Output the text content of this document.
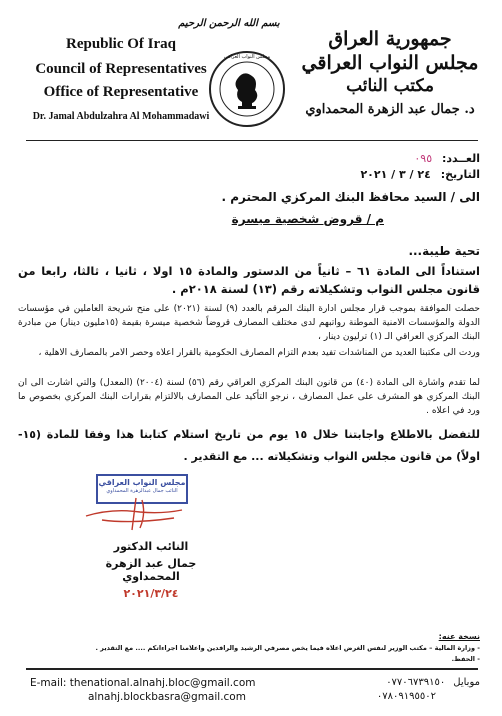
Republic Of Iraq
Council of Representatives
Office of Representative
Dr. Jamal Abdulzahra Al Mohammadawi
مجلس النواب العراقي
بسم الله الرحمن الرحيم
جمهورية العراق
مجلس النواب العراقي
مكتب النائب
د. جمال عبد الزهرة المحمداوي
العــدد: ٠٩٥
التاريخ: ٢٤ / ٣ / ٢٠٢١
الى / السيد محافظ البنك المركزي المحترم .
م / قروض شخصية ميسرة
تحية طيبة...
استناداً الى المادة ٦١ – ثانياً من الدستور والمادة ١٥ اولا ، ثانيا ، ثالثا، رابعا من قانون مجلس النواب وتشكيلاته رقم (١٣) لسنة ٢٠١٨م .
حصلت الموافقة بموجب قرار مجلس ادارة البنك المرقم بالعدد (٩) لسنة (٢٠٢١) على منح شريحة العاملين في مؤسسات الدولة والمؤسسات الامنية الموطنة رواتبهم لدى مختلف المصارف قروضاً شخصية ميسرة بقيمة (١٥مليون دينار) من مبادرة البنك المركزي العراقي الـ (١) ترليون دينار ،
وردت الى مكتبنا العديد من المناشدات تفيد بعدم التزام المصارف الحكومية بالقرار اعلاه وحصر الامر بالمصارف الاهلية ،
لما تقدم واشارة الى المادة (٤٠) من قانون البنك المركزي العراقي رقم (٥٦) لسنة (٢٠٠٤) (المعدل) والتي اشارت الى ان البنك المركزي هو المشرف على عمل المصارف ، نرجو التأكيد على المصارف بالالتزام بقرارات البنك المركزي بخصوص ما ورد في اعلاه .
للتفضل بالاطلاع واجابتنا خلال ١٥ يوم من تاريخ استلام كتابنا هذا وفقا للمادة (١٥- اولاً) من قانون مجلس النواب وتشكيلاته ... مع التقدير .
مجلس النواب العراقي
النائب جمال عبدالزهرة المحمداوي
النائب الدكتور
جمال عبد الزهرة المحمداوي
٢٠٢١/٣/٢٤
نسخة عنه:
- وزارة المالية – مكتب الوزير لنفس الغرض اعلاه فيما يخص مصرفي الرشيد والرافدين واعلامنا اجراءاتكم .... مع التقدير .
- الحفظ.
E-mail: thenational.alnahj.bloc@gmail.com
alnahj.blockbasra@gmail.com
٠٧٧٠٦٧٣٩١٥٠ موبايل
٠٧٨٠٩١٩٥٥٠٢
